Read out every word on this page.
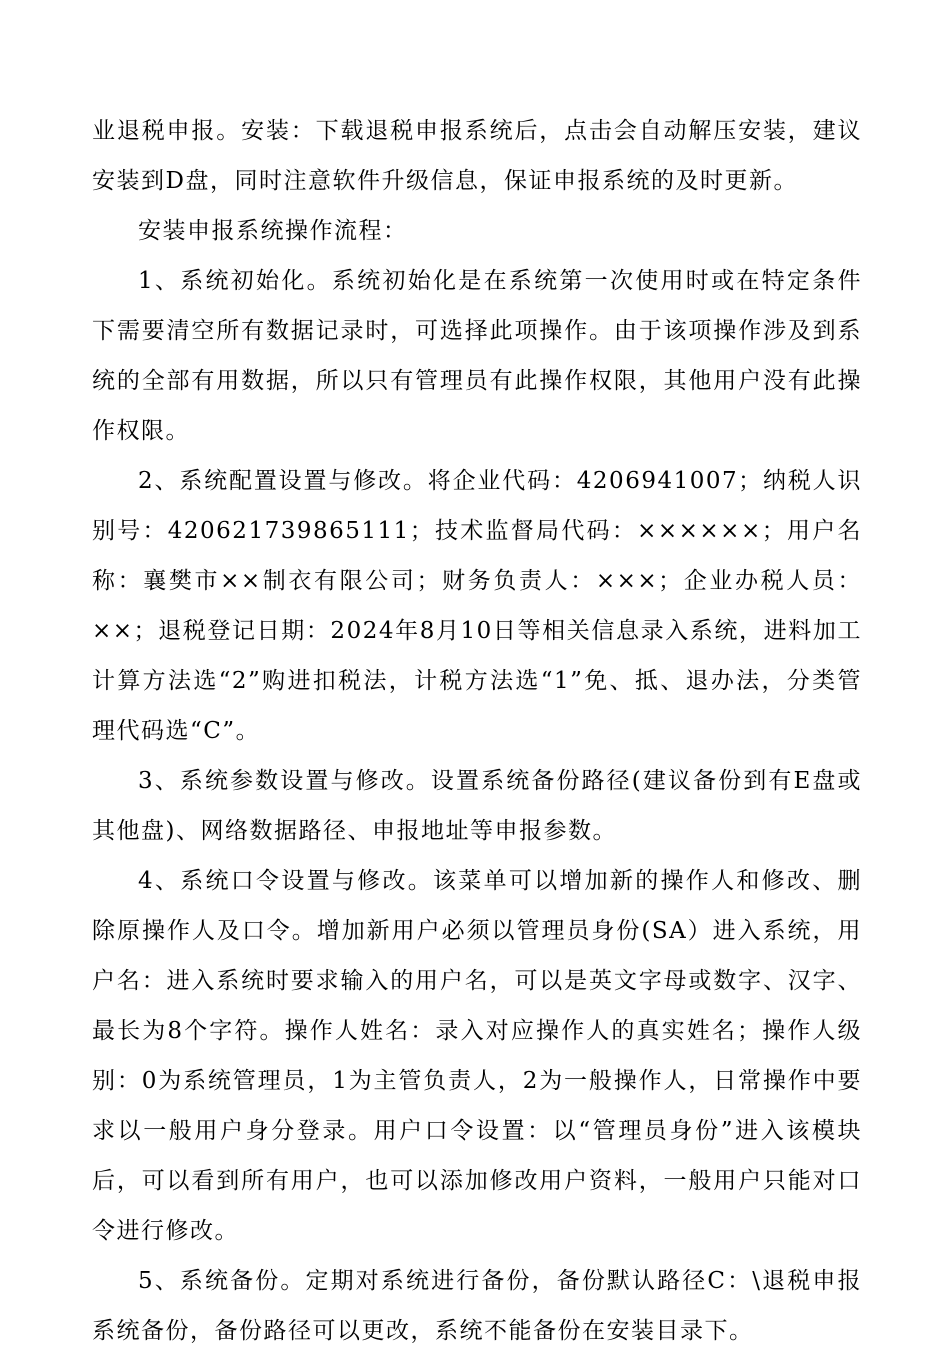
业退税申报。安装：下载退税申报系统后，点击会自动解压安装，建议安装到D盘，同时注意软件升级信息，保证申报系统的及时更新。

安装申报系统操作流程：

1、系统初始化。系统初始化是在系统第一次使用时或在特定条件下需要清空所有数据记录时，可选择此项操作。由于该项操作涉及到系统的全部有用数据，所以只有管理员有此操作权限，其他用户没有此操作权限。

2、系统配置设置与修改。将企业代码：4206941007；纳税人识别号：420621739865111；技术监督局代码：××××××；用户名称：襄樊市××制衣有限公司；财务负责人：×××；企业办税人员：××；退税登记日期：2024年8月10日等相关信息录入系统，进料加工计算方法选“2”购进扣税法，计税方法选“1”免、抵、退办法，分类管理代码选“C”。

3、系统参数设置与修改。设置系统备份路径(建议备份到有E盘或其他盘)、网络数据路径、申报地址等申报参数。

4、系统口令设置与修改。该菜单可以增加新的操作人和修改、删除原操作人及口令。增加新用户必须以管理员身份(SA）进入系统，用户名：进入系统时要求输入的用户名，可以是英文字母或数字、汉字、最长为8个字符。操作人姓名：录入对应操作人的真实姓名；操作人级别：0为系统管理员，1为主管负责人，2为一般操作人，日常操作中要求以一般用户身分登录。用户口令设置：以“管理员身份”进入该模块后，可以看到所有用户，也可以添加修改用户资料，一般用户只能对口令进行修改。

5、系统备份。定期对系统进行备份，备份默认路径C：\退税申报系统备份，备份路径可以更改，系统不能备份在安装目录下。
